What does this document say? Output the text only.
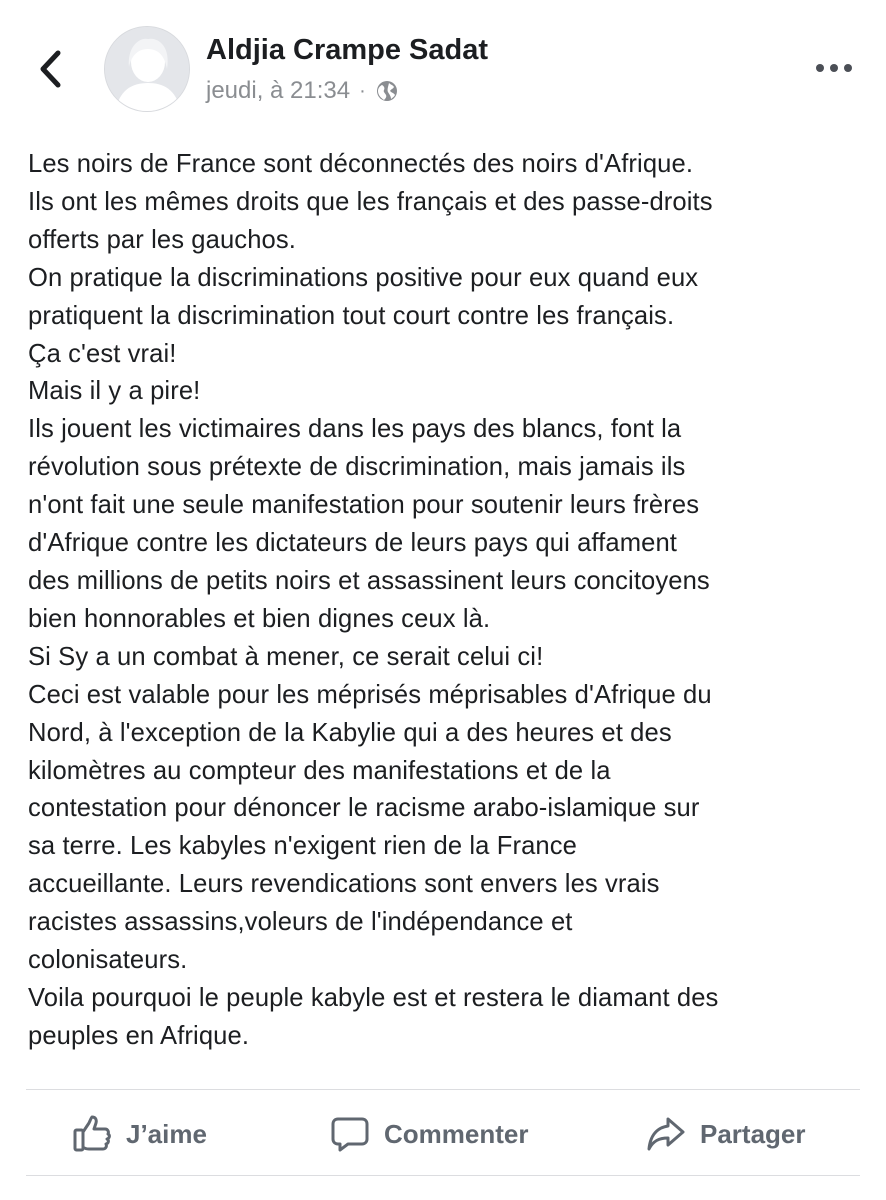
Aldjia Crampe Sadat
jeudi, à 21:34 ·
Les noirs de France sont déconnectés des noirs d'Afrique.
Ils ont les mêmes droits que les français et des passe-droits
offerts par les gauchos.
On pratique la discriminations positive pour eux quand eux
pratiquent la discrimination tout court contre les français.
Ça c'est vrai!
Mais il y a pire!
Ils jouent les victimaires dans les pays des blancs, font la
révolution sous prétexte de discrimination, mais jamais ils
n'ont fait une seule manifestation pour soutenir leurs frères
d'Afrique contre les dictateurs de leurs pays qui affament
des millions de petits noirs et assassinent leurs concitoyens
bien honnorables et bien dignes ceux là.
Si Sy a un combat à mener, ce serait celui ci!
Ceci est valable pour les méprisés méprisables d'Afrique du
Nord, à l'exception de la Kabylie qui a des heures et des
kilomètres au compteur des manifestations et de la
contestation pour dénoncer le racisme arabo-islamique sur
sa terre. Les kabyles n'exigent rien de la France
accueillante. Leurs revendications sont envers les vrais
racistes assassins,voleurs de l'indépendance et
colonisateurs.
Voila pourquoi le peuple kabyle est et restera le diamant des
peuples en Afrique.
J’aime	Commenter	Partager
